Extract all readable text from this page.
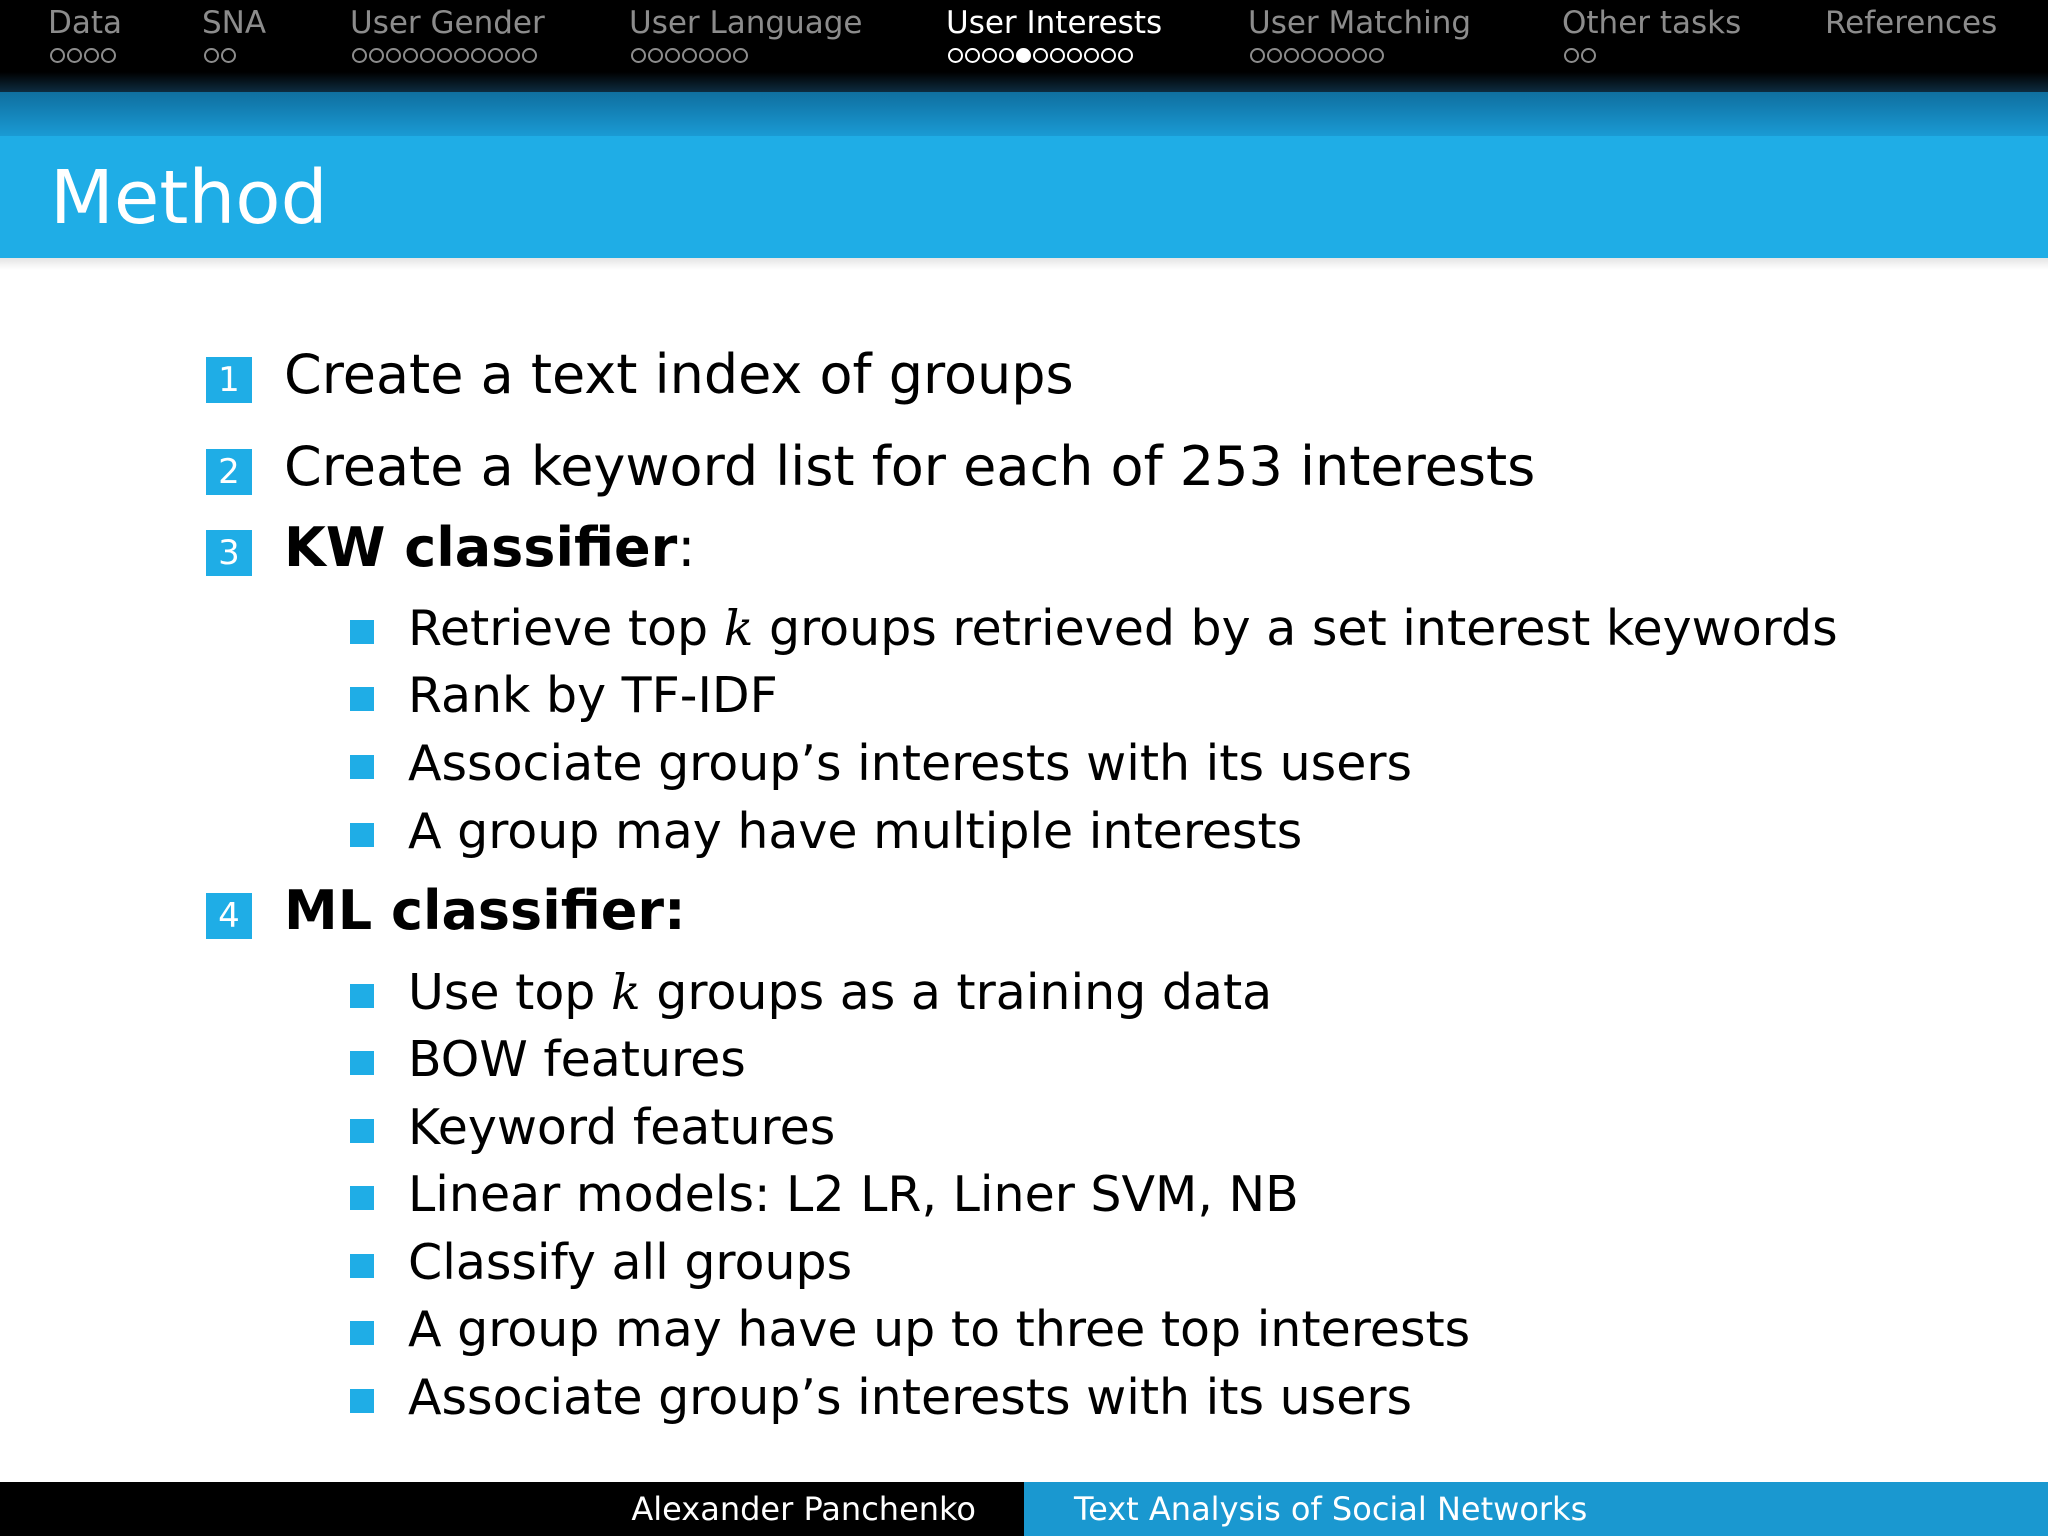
Data	SNA	User Gender	User Language	User Interests	User Matching	Other tasks	References
Method
1 Create a text index of groups
2 Create a keyword list for each of 253 interests
3 KW classifier:
Retrieve top k groups retrieved by a set interest keywords
Rank by TF-IDF
Associate group’s interests with its users
A group may have multiple interests
4 ML classifier:
Use top k groups as a training data
BOW features
Keyword features
Linear models: L2 LR, Liner SVM, NB
Classify all groups
A group may have up to three top interests
Associate group’s interests with its users
Alexander Panchenko	Text Analysis of Social Networks
